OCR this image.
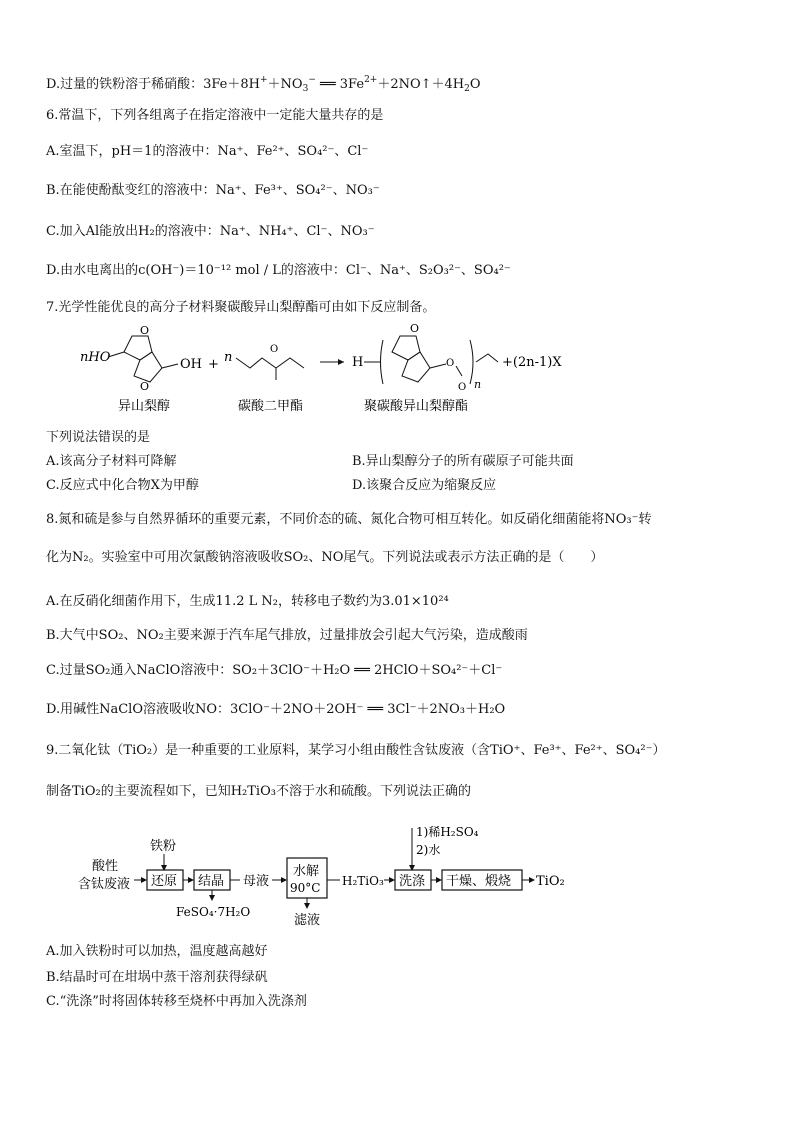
D.过量的铁粉溶于稀硝酸：$3Fe+8H^++NO_3^-$ ══ $3Fe^{2+}+2NO↑+4H_2O$
6.常温下，下列各组离子在指定溶液中一定能大量共存的是
A.室温下，pH＝1的溶液中：Na⁺、Fe²⁺、SO₄²⁻、Cl⁻
B.在能使酚酞变红的溶液中：Na⁺、Fe³⁺、SO₄²⁻、NO₃⁻
C.加入Al能放出H₂的溶液中：Na⁺、NH₄⁺、Cl⁻、NO₃⁻
D.由水电离出的c(OH⁻)＝10⁻¹² mol / L的溶液中：Cl⁻、Na⁺、S₂O₃²⁻、SO₄²⁻
7.光学性能优良的高分子材料聚碳酸异山梨醇酯可由如下反应制备。
nHO
O
O
OH + n
O
H
O
O
O n
+(2n-1)X
异山梨醇	碳酸二甲酯	聚碳酸异山梨醇酯
下列说法错误的是
A.该高分子材料可降解	B.异山梨醇分子的所有碳原子可能共面
C.反应式中化合物X为甲醇	D.该聚合反应为缩聚反应
8.氮和硫是参与自然界循环的重要元素，不同价态的硫、氮化合物可相互转化。如反硝化细菌能将NO₃⁻转
化为N₂。实验室中可用次氯酸钠溶液吸收SO₂、NO尾气。下列说法或表示方法正确的是（　　）
A.在反硝化细菌作用下，生成11.2 L N₂，转移电子数约为3.01×10²⁴
B.大气中SO₂、NO₂主要来源于汽车尾气排放，过量排放会引起大气污染，造成酸雨
C.过量SO₂通入NaClO溶液中：SO₂＋3ClO⁻＋H₂O ══ 2HClO＋SO₄²⁻＋Cl⁻
D.用碱性NaClO溶液吸收NO：3ClO⁻＋2NO＋2OH⁻ ══ 3Cl⁻＋2NO₃＋H₂O
9.二氧化钛（TiO₂）是一种重要的工业原料，某学习小组由酸性含钛废液（含TiO⁺、Fe³⁺、Fe²⁺、SO₄²⁻）
制备TiO₂的主要流程如下，已知H₂TiO₃不溶于水和硫酸。下列说法正确的
酸性
含钛废液
铁粉
还原 结晶
FeSO₄·7H₂O
母液
水解
90°C
滤液
H₂TiO₃
1)稀H₂SO₄
2)水
洗涤 干燥、煅烧 TiO₂
A.加入铁粉时可以加热，温度越高越好
B.结晶时可在坩埚中蒸干溶剂获得绿矾
C.“洗涤”时将固体转移至烧杯中再加入洗涤剂
